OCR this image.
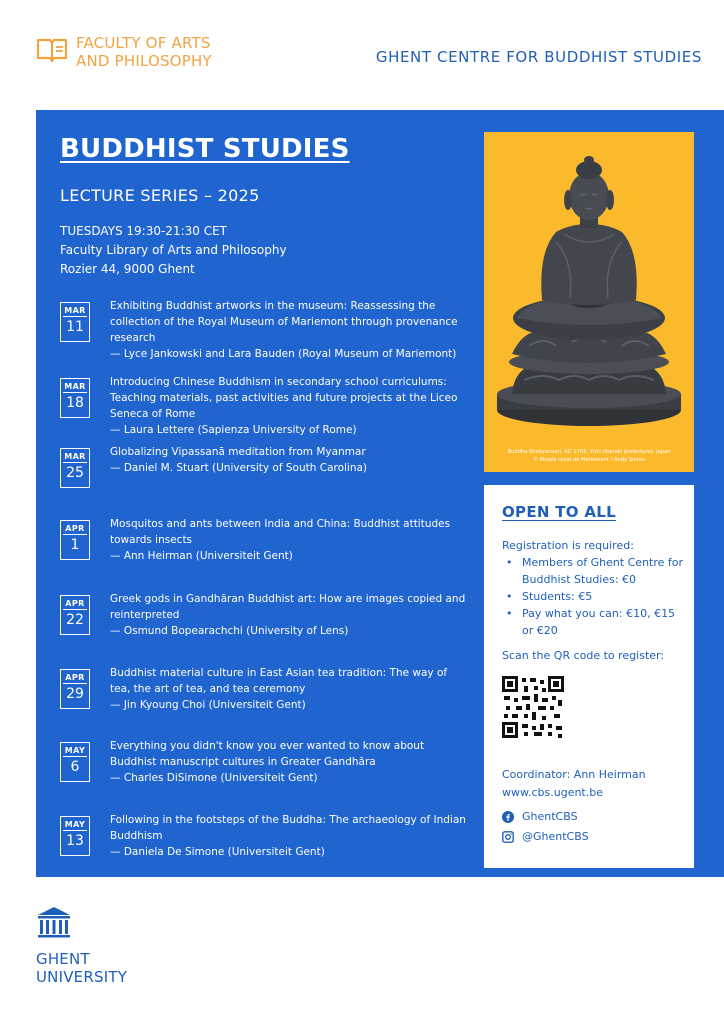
FACULTY OF ARTS
AND PHILOSOPHY	GHENT CENTRE FOR BUDDHIST STUDIES
BUDDHIST STUDIES
LECTURE SERIES – 2025
TUESDAYS 19:30-21:30 CET
Faculty Library of Arts and Philosophy
Rozier 44, 9000 Ghent
MAR
11
Exhibiting Buddhist artworks in the museum: Reassessing the collection of the Royal Museum of Mariemont through provenance research
— Lyce Jankowski and Lara Bauden (Royal Museum of Mariemont)
MAR
18
Introducing Chinese Buddhism in secondary school curriculums: Teaching materials, past activities and future projects at the Liceo Seneca of Rome
— Laura Lettere (Sapienza University of Rome)
MAR
25
Globalizing Vipassanā meditation from Myanmar
— Daniel M. Stuart (University of South Carolina)
APR
1
Mosquitos and ants between India and China: Buddhist attitudes towards insects
— Ann Heirman (Universiteit Gent)
APR
22
Greek gods in Gandhāran Buddhist art: How are images copied and reinterpreted
— Osmund Bopearachchi (University of Lens)
APR
29
Buddhist material culture in East Asian tea tradition: The way of tea, the art of tea, and tea ceremony
— Jin Kyoung Choi (Universiteit Gent)
MAY
6
Everything you didn't know you ever wanted to know about Buddhist manuscript cultures in Greater Gandhāra
— Charles DiSimone (Universiteit Gent)
MAY
13
Following in the footsteps of the Buddha: The archaeology of Indian Buddhism
— Daniela De Simone (Universiteit Gent)
Buddha Shakyamuni, AD 1705, Yūki (Ibaraki prefecture), Japan
© Musée royal de Mariemont / Andy Simon
OPEN TO ALL
Registration is required:
• Members of Ghent Centre for Buddhist Studies: €0
• Students: €5
• Pay what you can: €10, €15 or €20
Scan the QR code to register:
Coordinator: Ann Heirman
www.cbs.ugent.be
GhentCBS
@GhentCBS
GHENT
UNIVERSITY
